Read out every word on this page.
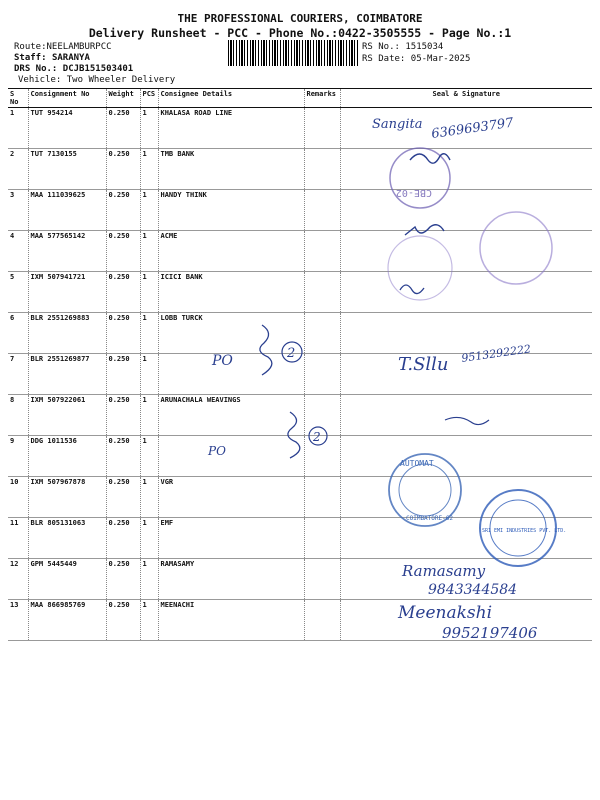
THE PROFESSIONAL COURIERS, COIMBATORE
Delivery Runsheet - PCC - Phone No.:0422-3505555 - Page No.:1
Route:NEELAMBURPCC
Staff: SARANYA
DRS No.: DCJB151503401
Vehicle: Two Wheeler Delivery
RS No.: 1515034
RS Date: 05-Mar-2025
S No	Consignment No	Weight	PCS	Consignee Details	Remarks	Seal & Signature
1	TUT 954214	0.250	1	KHALASA ROAD LINE		
2	TUT 7130155	0.250	1	TMB BANK		
3	MAA 111039625	0.250	1	HANDY THINK		
4	MAA 577565142	0.250	1	ACME		
5	IXM 507941721	0.250	1	ICICI BANK		
6	BLR 2551269883	0.250	1	LOBB TURCK		
7	BLR 2551269877	0.250	1			
8	IXM 507922061	0.250	1	ARUNACHALA WEAVINGS		
9	DDG 1011536	0.250	1			
10	IXM 507967878	0.250	1	VGR		
11	BLR 805131063	0.250	1	EMF		
12	GPM 5445449	0.250	1	RAMASAMY		
13	MAA 866985769	0.250	1	MEENACHI		
CBE-02
AUTOMAT
COIMBATORE-62
SRI EMI INDUSTRIES PVT. LTD.
Sangita 6369693797
PO	2
T.Sllu 9513292222
PO
2
Ramasamy
9843344584
Meenakshi
9952197406
